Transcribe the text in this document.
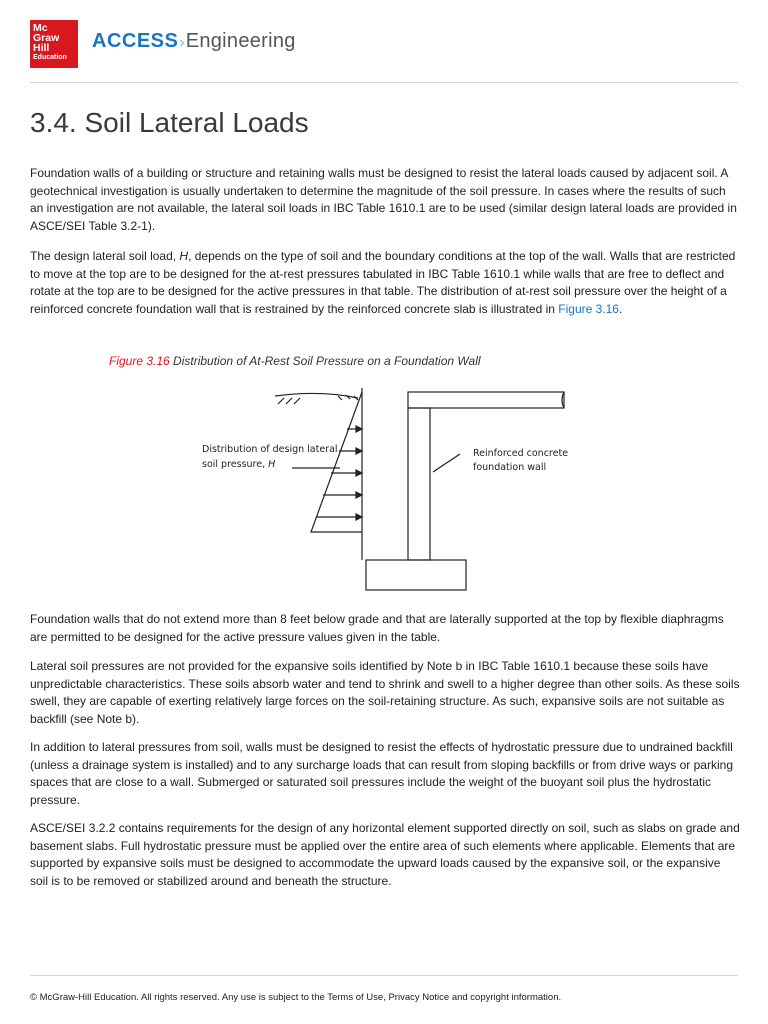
Mc
Graw
Hill
Education
ACCESS›Engineering
3.4. Soil Lateral Loads

Foundation walls of a building or structure and retaining walls must be designed to resist the lateral loads caused by adjacent soil. A geotechnical investigation is usually undertaken to determine the magnitude of the soil pressure. In cases where the results of such an investigation are not available, the lateral soil loads in IBC Table 1610.1 are to be used (similar design lateral loads are provided in ASCE/SEI Table 3.2-1).

The design lateral soil load, H, depends on the type of soil and the boundary conditions at the top of the wall. Walls that are restricted to move at the top are to be designed for the at-rest pressures tabulated in IBC Table 1610.1 while walls that are free to deflect and rotate at the top are to be designed for the active pressures in that table. The distribution of at-rest soil pressure over the height of a reinforced concrete foundation wall that is restrained by the reinforced concrete slab is illustrated in Figure 3.16.

Figure 3.16 Distribution of At-Rest Soil Pressure on a Foundation Wall
Distribution of design lateral
soil pressure, H
Reinforced concrete
foundation wall

Foundation walls that do not extend more than 8 feet below grade and that are laterally supported at the top by flexible diaphragms are permitted to be designed for the active pressure values given in the table.

Lateral soil pressures are not provided for the expansive soils identified by Note b in IBC Table 1610.1 because these soils have unpredictable characteristics. These soils absorb water and tend to shrink and swell to a higher degree than other soils. As these soils swell, they are capable of exerting relatively large forces on the soil-retaining structure. As such, expansive soils are not suitable as backfill (see Note b).

In addition to lateral pressures from soil, walls must be designed to resist the effects of hydrostatic pressure due to undrained backfill (unless a drainage system is installed) and to any surcharge loads that can result from sloping backfills or from drive ways or parking spaces that are close to a wall. Submerged or saturated soil pressures include the weight of the buoyant soil plus the hydrostatic pressure.

ASCE/SEI 3.2.2 contains requirements for the design of any horizontal element supported directly on soil, such as slabs on grade and basement slabs. Full hydrostatic pressure must be applied over the entire area of such elements where applicable. Elements that are supported by expansive soils must be designed to accommodate the upward loads caused by the expansive soil, or the expansive soil is to be removed or stabilized around and beneath the structure.

© McGraw-Hill Education. All rights reserved. Any use is subject to the Terms of Use, Privacy Notice and copyright information.
